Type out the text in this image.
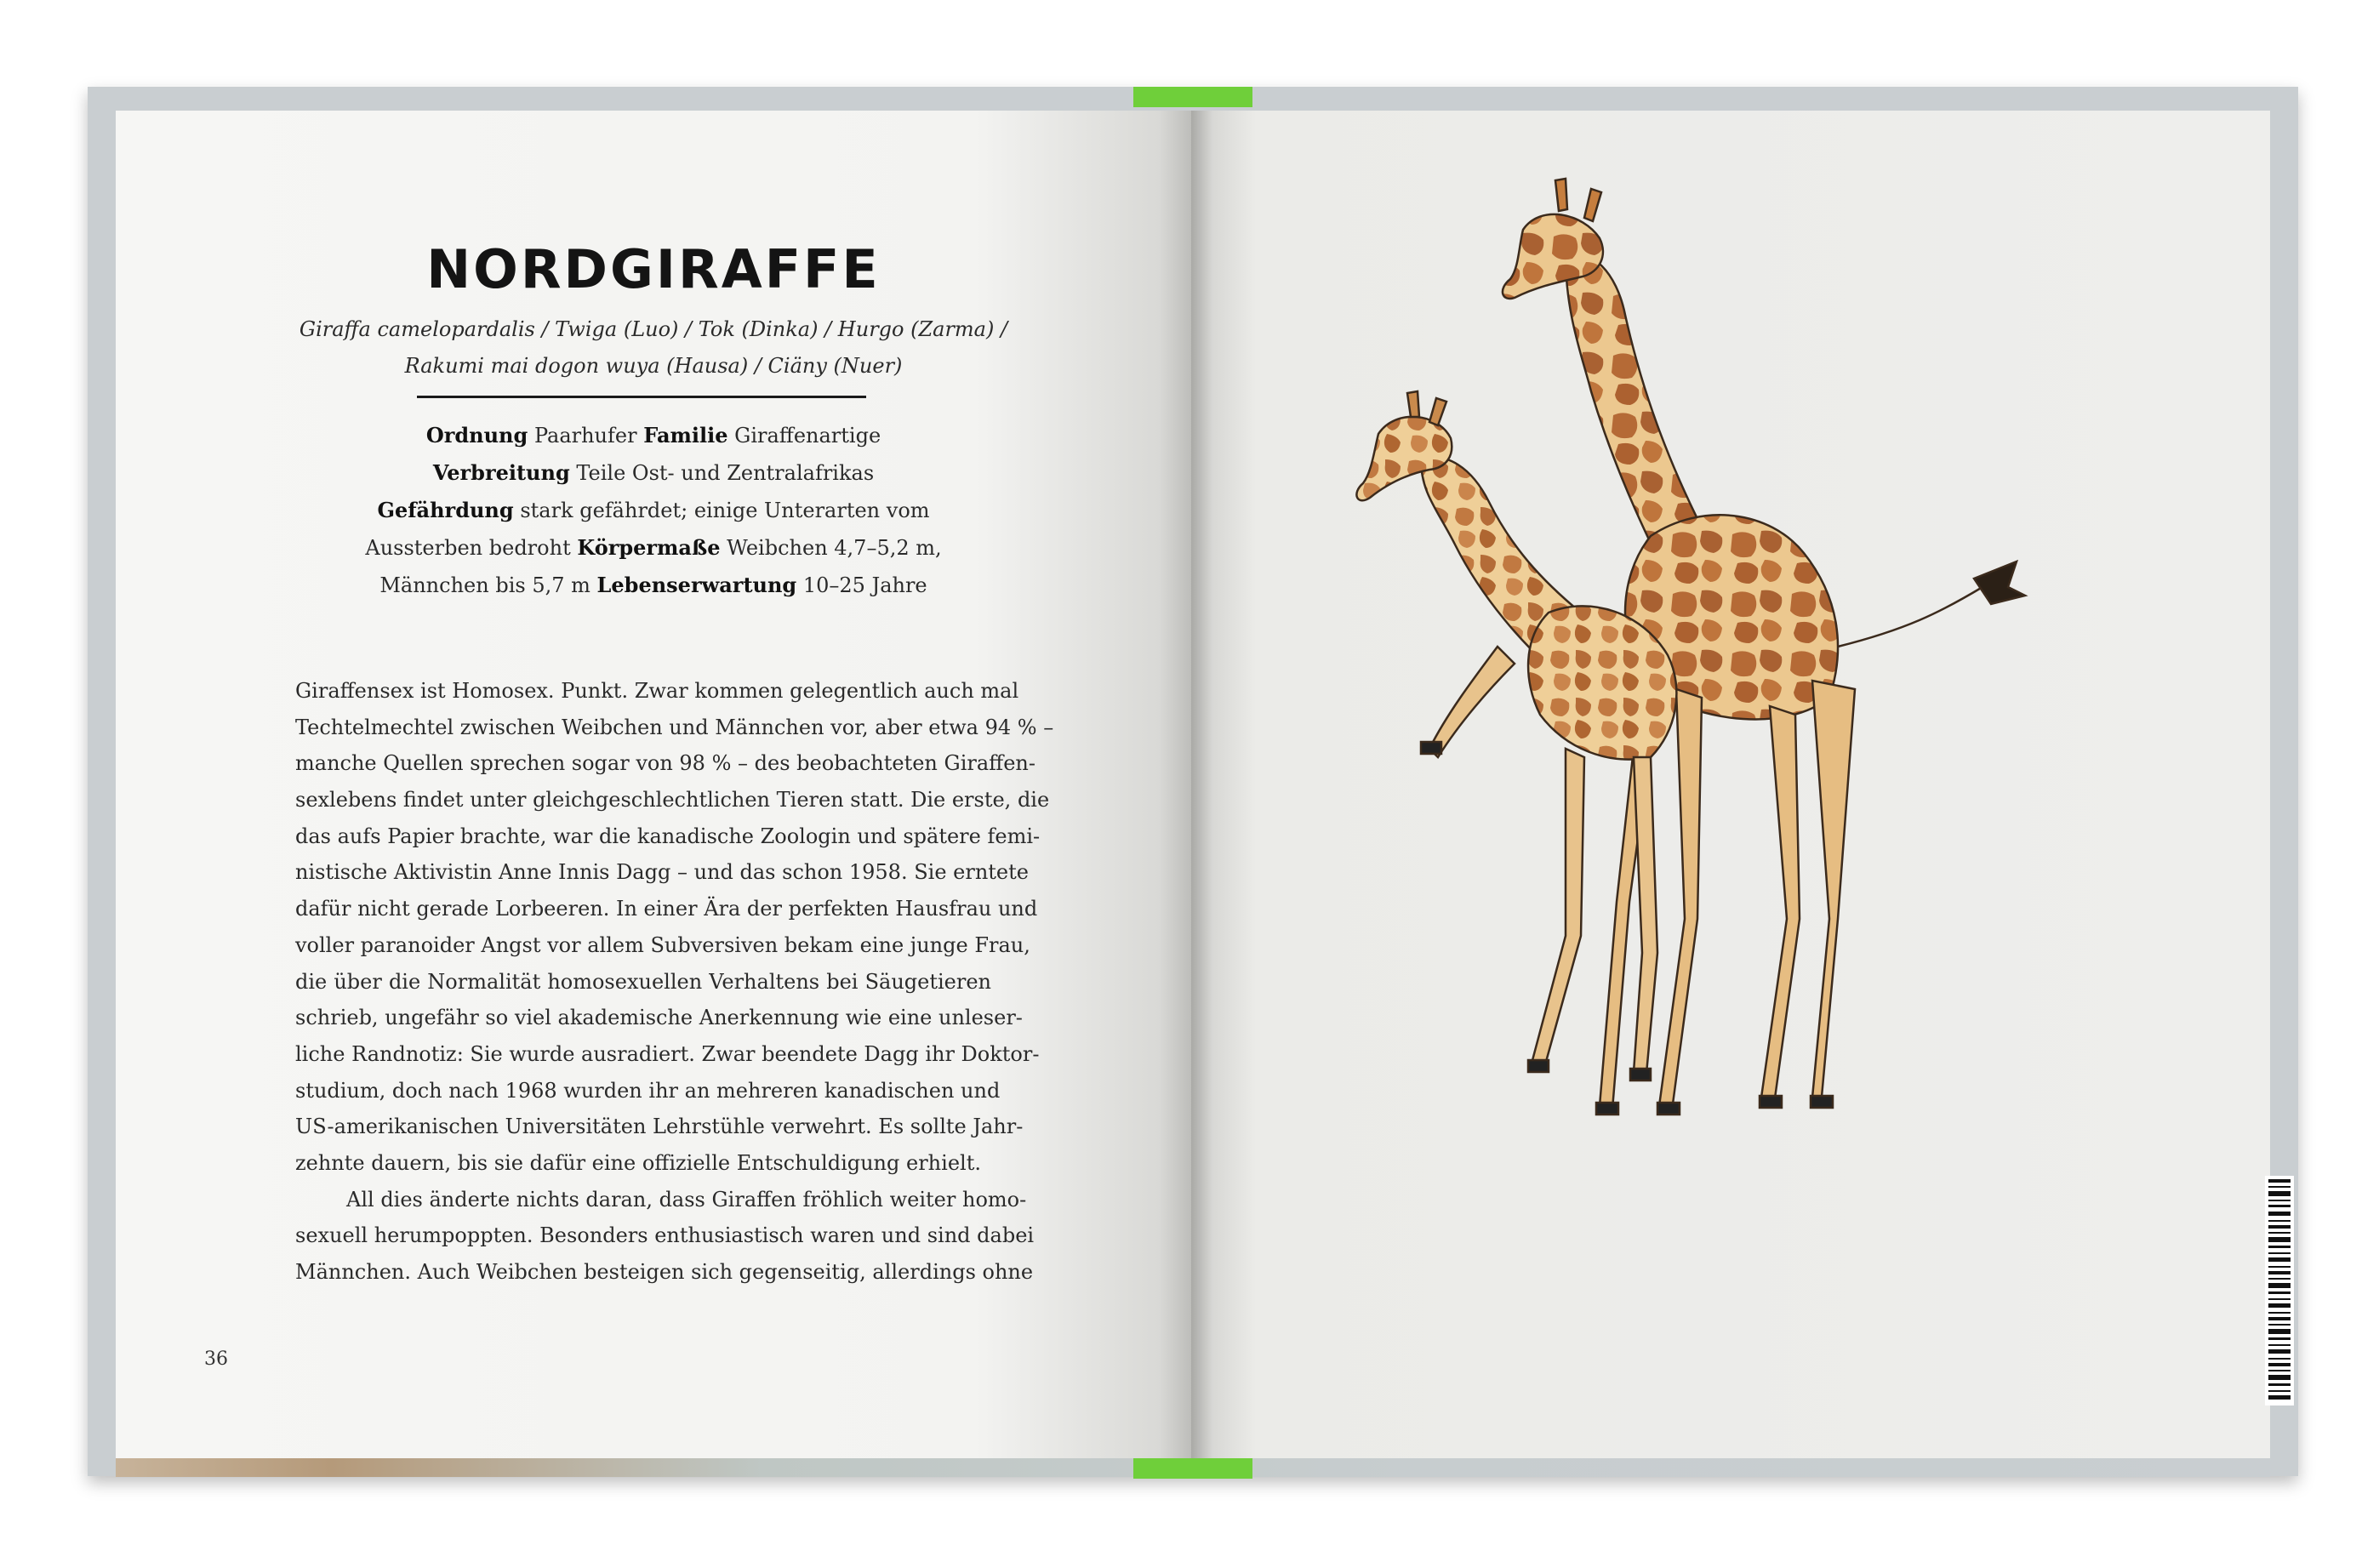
NORDGIRAFFE
Giraffa camelopardalis / Twiga (Luo) / Tok (Dinka) / Hurgo (Zarma) /
Rakumi mai dogon wuya (Hausa) / Ciäny (Nuer)
Ordnung Paarhufer Familie Giraffenartige
Verbreitung Teile Ost- und Zentralafrikas
Gefährdung stark gefährdet; einige Unterarten vom
Aussterben bedroht Körpermaße Weibchen 4,7–5,2 m,
Männchen bis 5,7 m Lebenserwartung 10–25 Jahre
Giraffensex ist Homosex. Punkt. Zwar kommen gelegentlich auch mal
Techtelmechtel zwischen Weibchen und Männchen vor, aber etwa 94 % –
manche Quellen sprechen sogar von 98 % – des beobachteten Giraffen-
sexlebens findet unter gleichgeschlechtlichen Tieren statt. Die erste, die
das aufs Papier brachte, war die kanadische Zoologin und spätere femi-
nistische Aktivistin Anne Innis Dagg – und das schon 1958. Sie erntete
dafür nicht gerade Lorbeeren. In einer Ära der perfekten Hausfrau und
voller paranoider Angst vor allem Subversiven bekam eine junge Frau,
die über die Normalität homosexuellen Verhaltens bei Säugetieren
schrieb, ungefähr so viel akademische Anerkennung wie eine unleser-
liche Randnotiz: Sie wurde ausradiert. Zwar beendete Dagg ihr Doktor-
studium, doch nach 1968 wurden ihr an mehreren kanadischen und
US-amerikanischen Universitäten Lehrstühle verwehrt. Es sollte Jahr-
zehnte dauern, bis sie dafür eine offizielle Entschuldigung erhielt.
All dies änderte nichts daran, dass Giraffen fröhlich weiter homo-
sexuell herumpoppten. Besonders enthusiastisch waren und sind dabei
Männchen. Auch Weibchen besteigen sich gegenseitig, allerdings ohne
36
